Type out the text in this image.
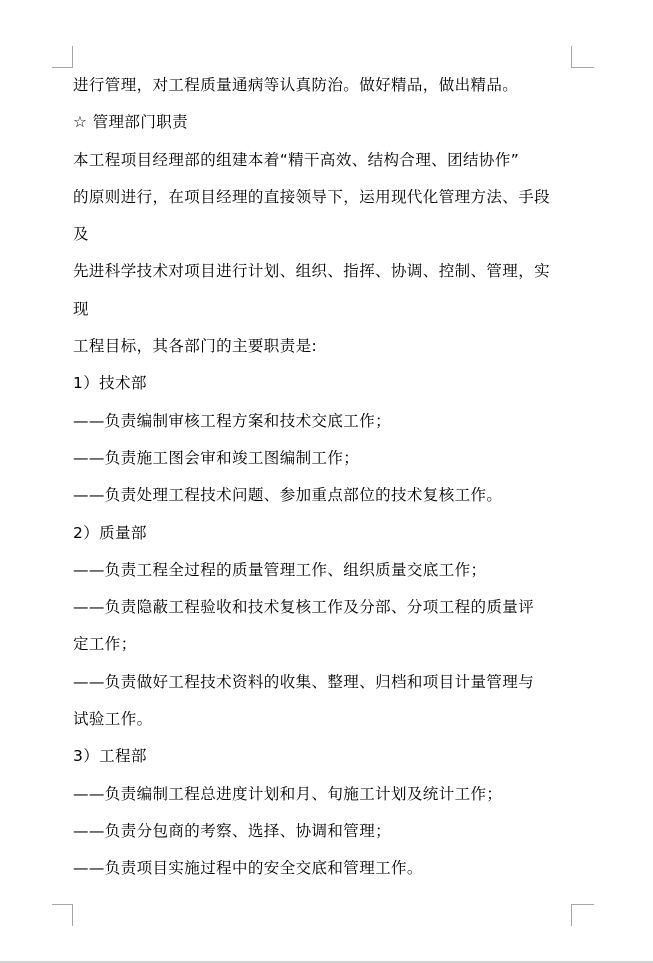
进行管理，对工程质量通病等认真防治。做好精品，做出精品。
☆ 管理部门职责
本工程项目经理部的组建本着“精干高效、结构合理、团结协作”
的原则进行，在项目经理的直接领导下，运用现代化管理方法、手段
及
先进科学技术对项目进行计划、组织、指挥、协调、控制、管理，实
现
工程目标，其各部门的主要职责是:
1）技术部
——负责编制审核工程方案和技术交底工作；
——负责施工图会审和竣工图编制工作；
——负责处理工程技术问题、参加重点部位的技术复核工作。
2）质量部
——负责工程全过程的质量管理工作、组织质量交底工作；
——负责隐蔽工程验收和技术复核工作及分部、分项工程的质量评
定工作；
——负责做好工程技术资料的收集、整理、归档和项目计量管理与
试验工作。
3）工程部
——负责编制工程总进度计划和月、旬施工计划及统计工作；
——负责分包商的考察、选择、协调和管理；
——负责项目实施过程中的安全交底和管理工作。
